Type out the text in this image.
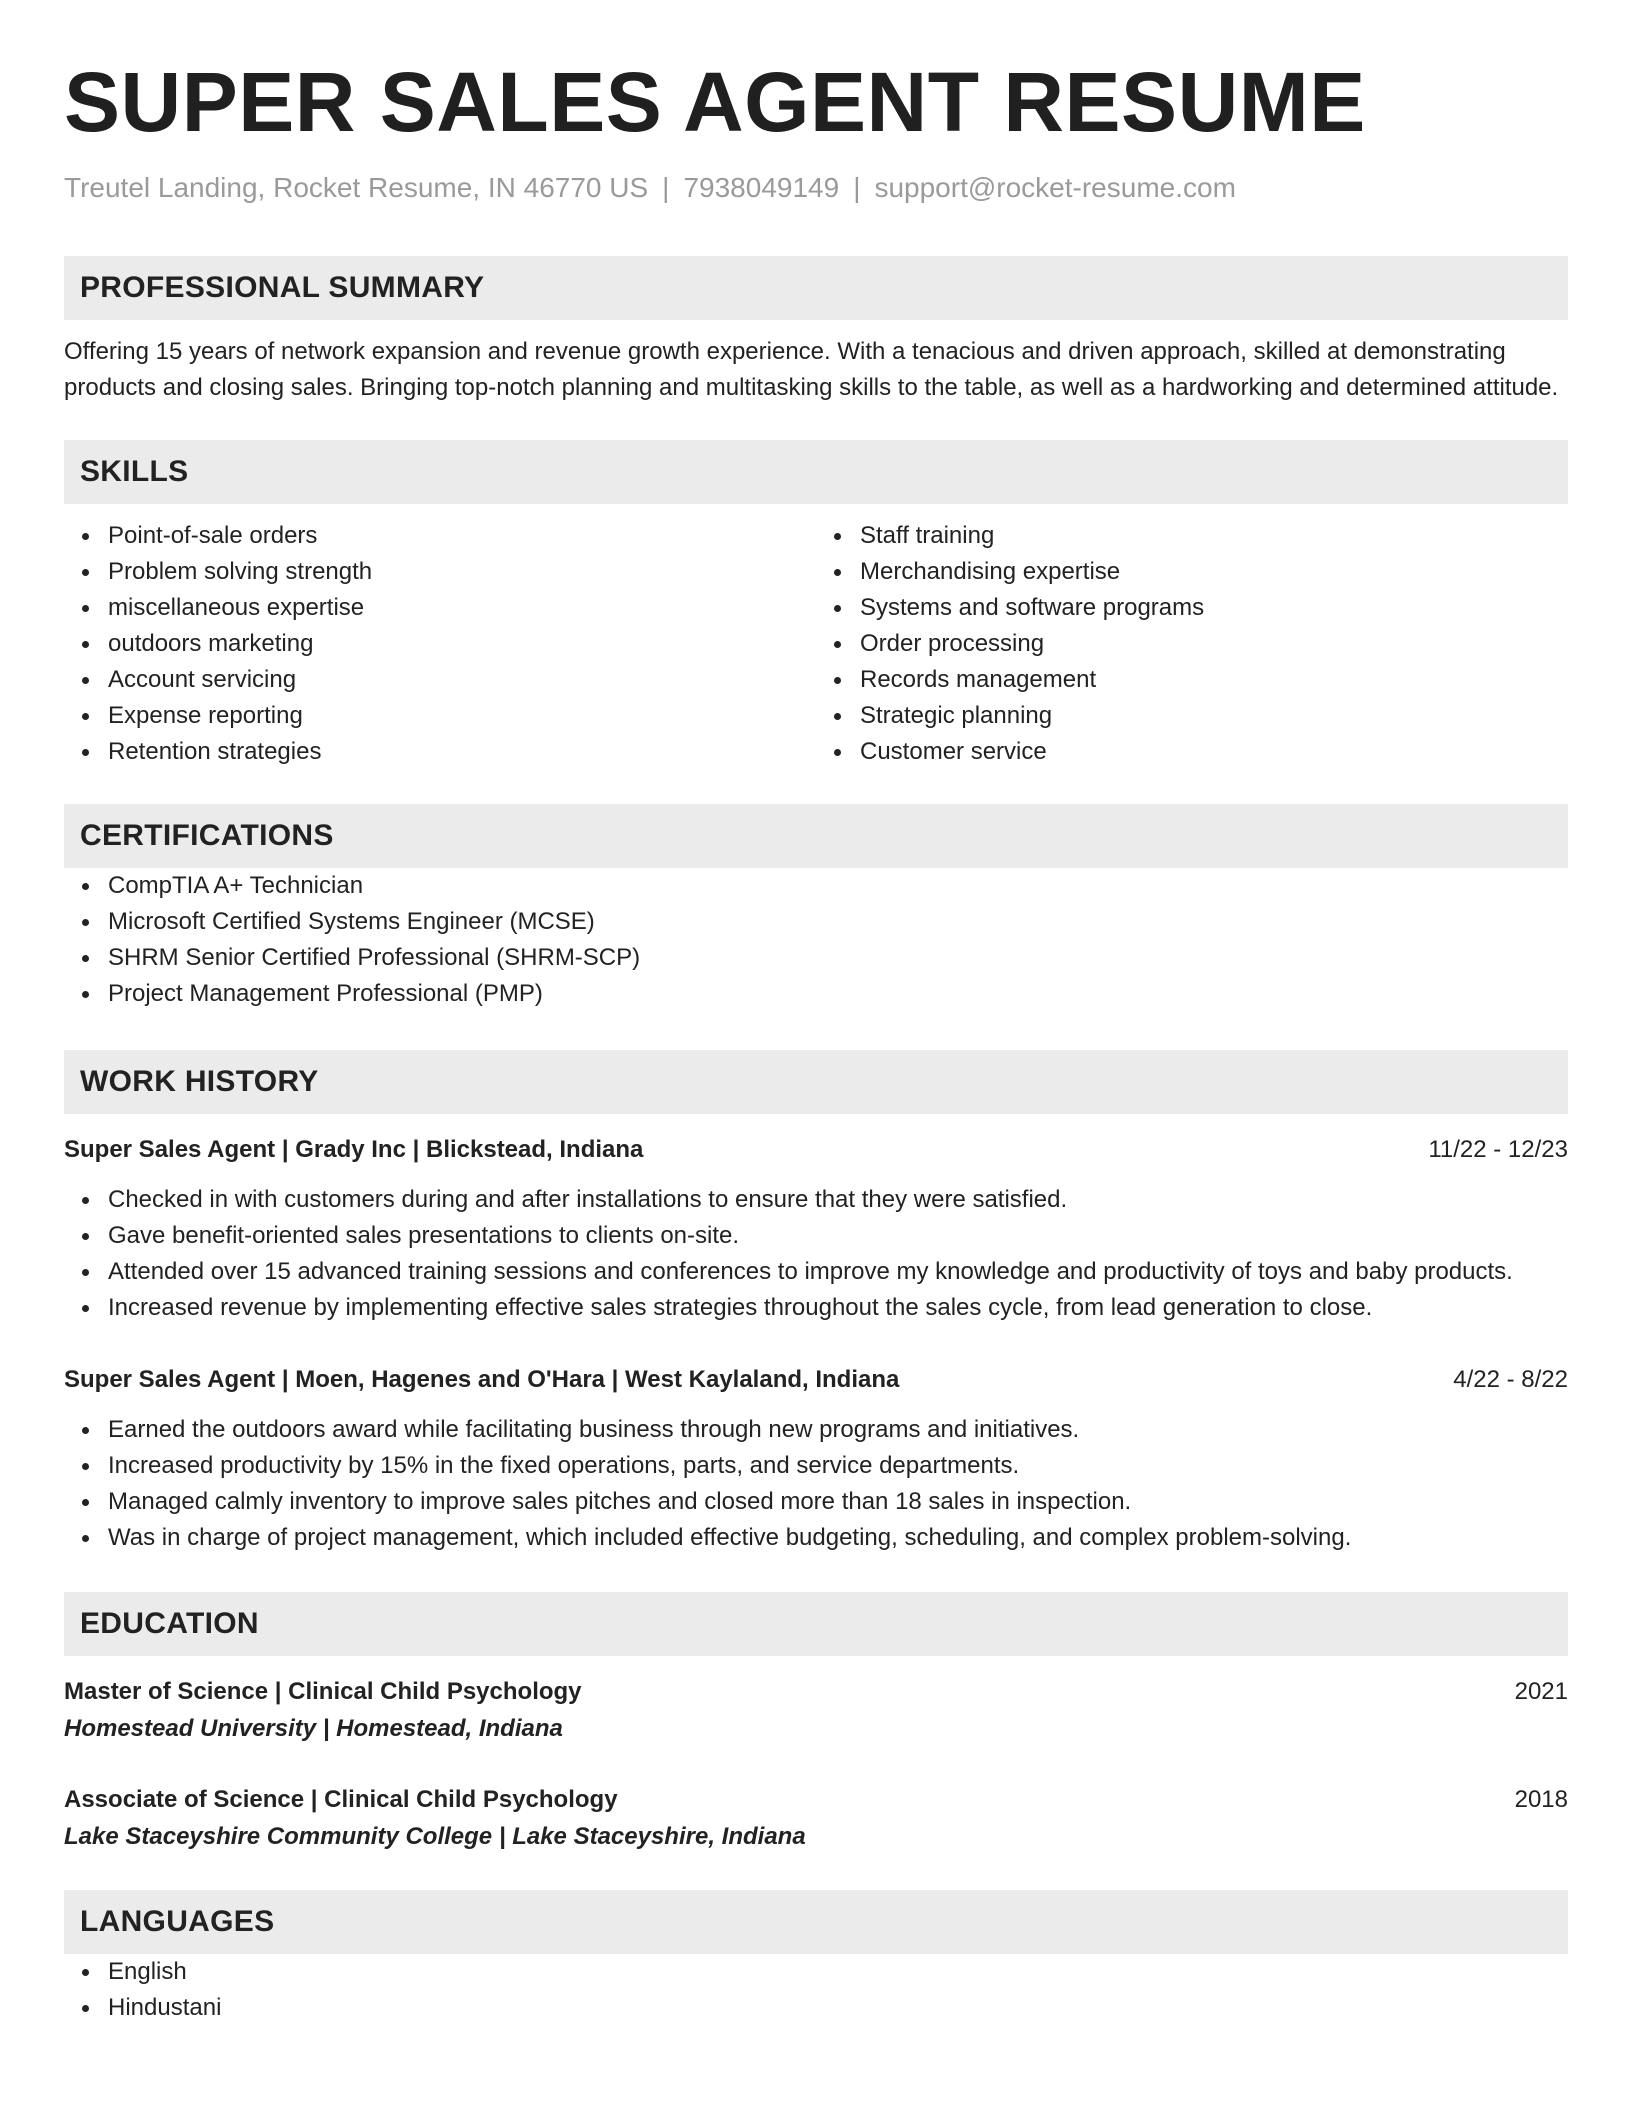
SUPER SALES AGENT RESUME
Treutel Landing, Rocket Resume, IN 46770 US | 7938049149 | support@rocket-resume.com
PROFESSIONAL SUMMARY
Offering 15 years of network expansion and revenue growth experience. With a tenacious and driven approach, skilled at demonstrating products and closing sales. Bringing top-notch planning and multitasking skills to the table, as well as a hardworking and determined attitude.
SKILLS
Point-of-sale orders
Problem solving strength
miscellaneous expertise
outdoors marketing
Account servicing
Expense reporting
Retention strategies
Staff training
Merchandising expertise
Systems and software programs
Order processing
Records management
Strategic planning
Customer service
CERTIFICATIONS
CompTIA A+ Technician
Microsoft Certified Systems Engineer (MCSE)
SHRM Senior Certified Professional (SHRM-SCP)
Project Management Professional (PMP)
WORK HISTORY
Super Sales Agent | Grady Inc | Blickstead, Indiana	11/22 - 12/23
Checked in with customers during and after installations to ensure that they were satisfied.
Gave benefit-oriented sales presentations to clients on-site.
Attended over 15 advanced training sessions and conferences to improve my knowledge and productivity of toys and baby products.
Increased revenue by implementing effective sales strategies throughout the sales cycle, from lead generation to close.
Super Sales Agent | Moen, Hagenes and O'Hara | West Kaylaland, Indiana	4/22 - 8/22
Earned the outdoors award while facilitating business through new programs and initiatives.
Increased productivity by 15% in the fixed operations, parts, and service departments.
Managed calmly inventory to improve sales pitches and closed more than 18 sales in inspection.
Was in charge of project management, which included effective budgeting, scheduling, and complex problem-solving.
EDUCATION
Master of Science | Clinical Child Psychology	2021
Homestead University | Homestead, Indiana
Associate of Science | Clinical Child Psychology	2018
Lake Staceyshire Community College | Lake Staceyshire, Indiana
LANGUAGES
English
Hindustani
